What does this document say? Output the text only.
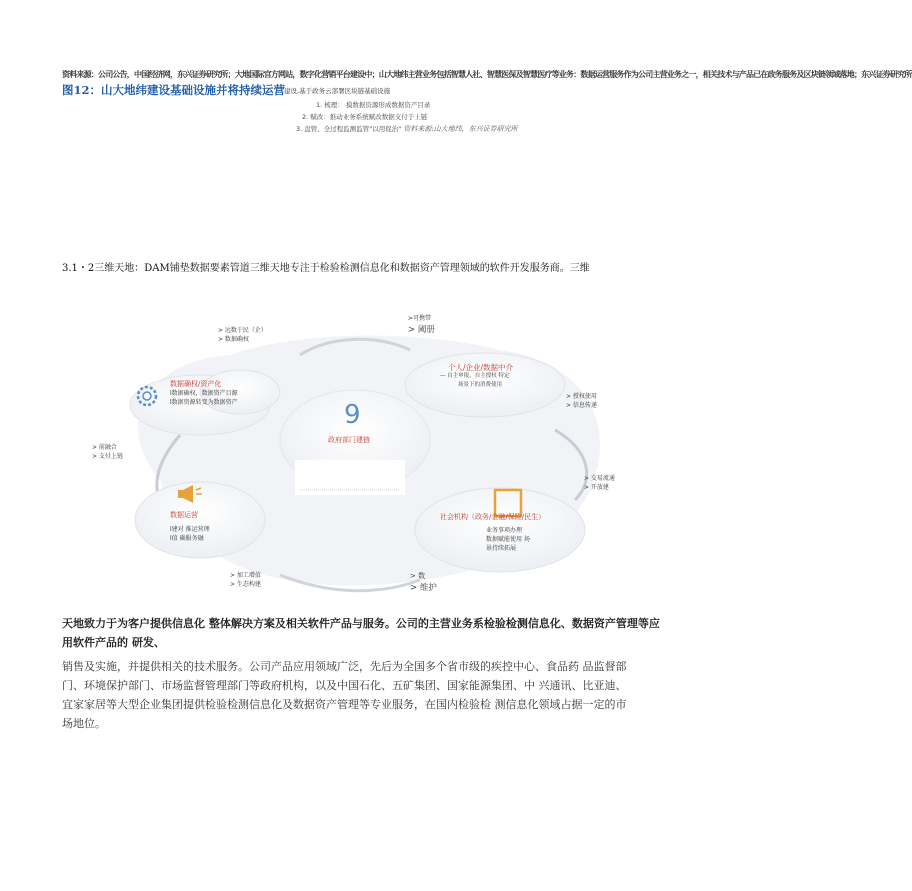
资料来源：公司公告，中国经济网，东兴证券研究所；大地国际官方网站，数字化营销平台建设中；山大地纬主营业务包括智慧人社、智慧医保及智慧医疗等业务：数据运营服务作为公司主营业务之一，相关技术与产品已在政务服务及区块链领域落地；东兴证券研究所
图12：山大地纬建设基础设施并将持续运营
建设,基于政务云部署区块链基础设施
1. 梳理： 摸数据资源形成数据资产目录
2. 赋改：推动业务系统赋改数据支付于上链
3. 盘管、全过程监测监管"以用促治" 资料来源:山大地纬，东兴证券研究所
3.1・2三维天地：DAM铺垫数据要素管道三维天地专注于检验检测信息化和数据资产管理领域的软件开发服务商。三维
9
政府部门建链
> 远数于民（企）
> 数据确权
>可携带
> 阈册
数据确权/资产化
l数据确权，数据资产目源
l数据资源转变为数据资产
个人/企业/数据中介
— 自主申报，自主授权 特定
场景下的消费使用
> 授权使用
> 信息传递
> 前融合
> 支付上链
> 交易流通
> 开放建
数据运营
l建对 推运营理
l值 确服务融
社会机构（政务/金融/保险/民生）
业务事项办理
数据赋能使用 场
景持续拓展
> 加工增值
> 生态构建
> 数
> 维护
天地致力于为客户提供信息化 整体解决方案及相关软件产品与服务。公司的主营业务系检验检测信息化、数据资产管理等应用软件产品的 研发、
销售及实施，并提供相关的技术服务。公司产品应用领域广泛，先后为全国多个省市级的疾控中心、食品药 品监督部
门、环境保护部门、市场监督管理部门等政府机构，以及中国石化、五矿集团、国家能源集团、中 兴通讯、比亚迪、
宜家家居等大型企业集团提供检验检测信息化及数据资产管理等专业服务，在国内检验检 测信息化领域占据一定的市
场地位。
